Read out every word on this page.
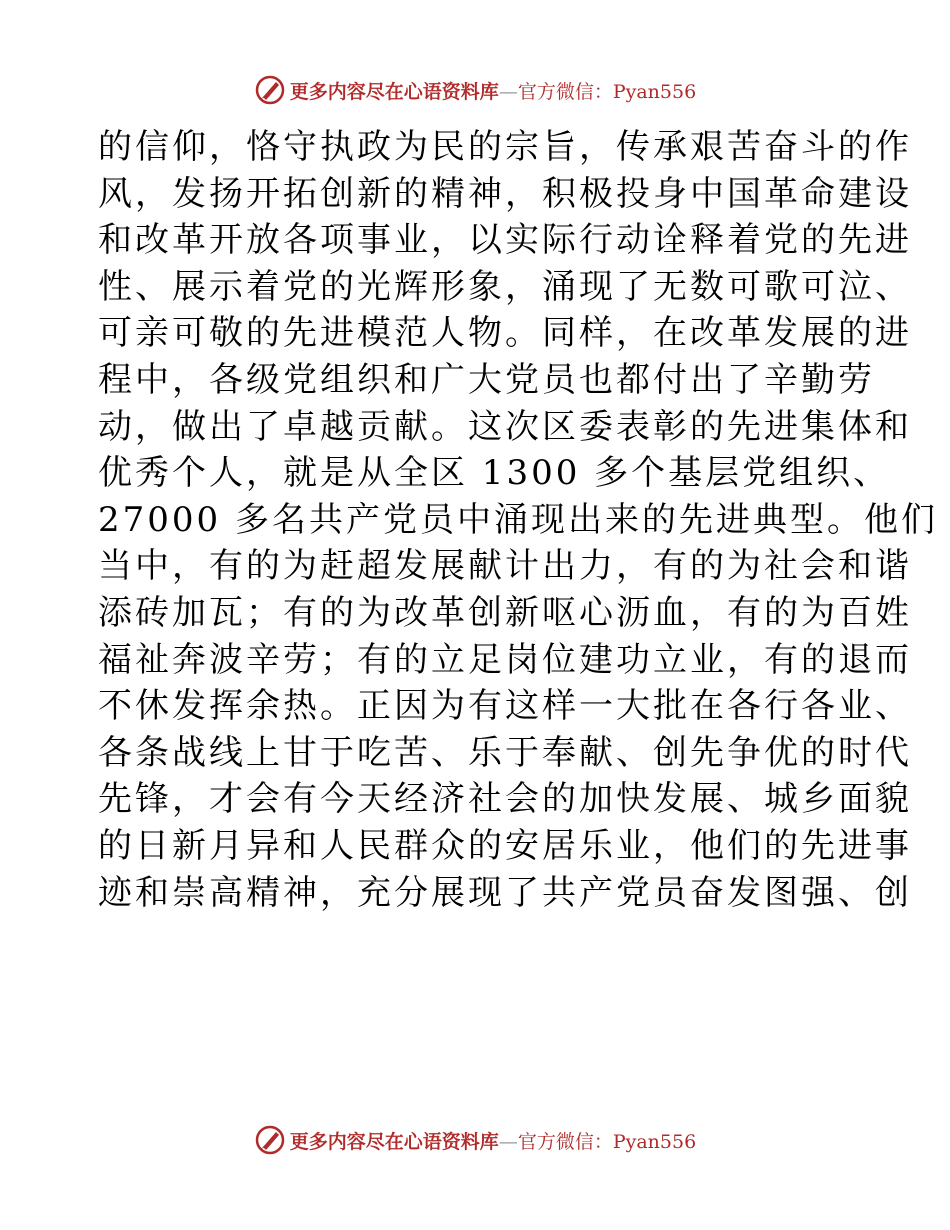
更多内容尽在心语资料库—官方微信：Pyan556
的信仰，恪守执政为民的宗旨，传承艰苦奋斗的作
风，发扬开拓创新的精神，积极投身中国革命建设
和改革开放各项事业，以实际行动诠释着党的先进
性、展示着党的光辉形象，涌现了无数可歌可泣、
可亲可敬的先进模范人物。同样，在改革发展的进
程中，各级党组织和广大党员也都付出了辛勤劳
动，做出了卓越贡献。这次区委表彰的先进集体和
优秀个人，就是从全区 1300 多个基层党组织、
27000 多名共产党员中涌现出来的先进典型。他们
当中，有的为赶超发展献计出力，有的为社会和谐
添砖加瓦；有的为改革创新呕心沥血，有的为百姓
福祉奔波辛劳；有的立足岗位建功立业，有的退而
不休发挥余热。正因为有这样一大批在各行各业、
各条战线上甘于吃苦、乐于奉献、创先争优的时代
先锋，才会有今天经济社会的加快发展、城乡面貌
的日新月异和人民群众的安居乐业，他们的先进事
迹和崇高精神，充分展现了共产党员奋发图强、创
更多内容尽在心语资料库—官方微信：Pyan556
